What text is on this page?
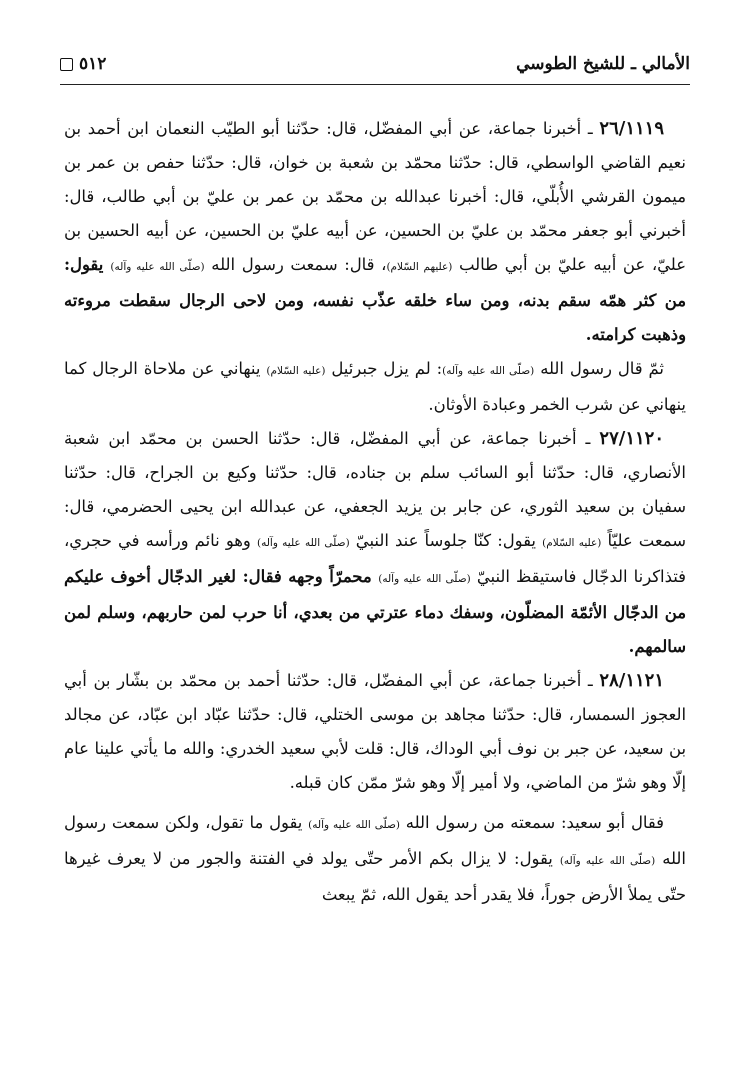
الأمالي ـ للشيخ الطوسي
٥١٢

٢٦/١١١٩ ـ أخبرنا جماعة، عن أبي المفضّل، قال: حدّثنا أبو الطيّب النعمان ابن أحمد بن نعيم القاضي الواسطي، قال: حدّثنا محمّد بن شعبة بن خوان، قال: حدّثنا حفص بن عمر بن ميمون القرشي الأُبلّي، قال: أخبرنا عبدالله بن محمّد بن عمر بن عليّ بن أبي طالب، قال: أخبرني أبو جعفر محمّد بن عليّ بن الحسين، عن أبيه عليّ بن الحسين، عن أبيه الحسين بن عليّ، عن أبيه عليّ بن أبي طالب (عليهم السّلام)، قال: سمعت رسول الله (صلّى الله عليه وآله) يقول: من كثر همّه سقم بدنه، ومن ساء خلقه عذّب نفسه، ومن لاحى الرجال سقطت مروءته وذهبت كرامته.

ثمّ قال رسول الله (صلّى الله عليه وآله): لم يزل جبرئيل (عليه السّلام) ينهاني عن ملاحاة الرجال كما ينهاني عن شرب الخمر وعبادة الأوثان.

٢٧/١١٢٠ ـ أخبرنا جماعة، عن أبي المفضّل، قال: حدّثنا الحسن بن محمّد ابن شعبة الأنصاري، قال: حدّثنا أبو السائب سلم بن جناده، قال: حدّثنا وكيع بن الجراح، قال: حدّثنا سفيان بن سعيد الثوري، عن جابر بن يزيد الجعفي، عن عبدالله ابن يحيى الحضرمي، قال: سمعت عليّاً (عليه السّلام) يقول: كنّا جلوساً عند النبيّ (صلّى الله عليه وآله) وهو نائم ورأسه في حجري، فتذاكرنا الدجّال فاستيقظ النبيّ (صلّى الله عليه وآله) محمرّاً وجهه فقال: لغير الدجّال أخوف عليكم من الدجّال الأئمّة المضلّون، وسفك دماء عترتي من بعدي، أنا حرب لمن حاربهم، وسلم لمن سالمهم.

٢٨/١١٢١ ـ أخبرنا جماعة، عن أبي المفضّل، قال: حدّثنا أحمد بن محمّد بن بشّار بن أبي العجوز السمسار، قال: حدّثنا مجاهد بن موسى الختلي، قال: حدّثنا عبّاد ابن عبّاد، عن مجالد بن سعيد، عن جبر بن نوف أبي الوداك، قال: قلت لأبي سعيد الخدري: والله ما يأتي علينا عام إلّا وهو شرّ من الماضي، ولا أمير إلّا وهو شرّ ممّن كان قبله.

فقال أبو سعيد: سمعته من رسول الله (صلّى الله عليه وآله) يقول ما تقول، ولكن سمعت رسول الله (صلّى الله عليه وآله) يقول: لا يزال بكم الأمر حتّى يولد في الفتنة والجور من لا يعرف غيرها حتّى يملأ الأرض جوراً، فلا يقدر أحد يقول الله، ثمّ يبعث
